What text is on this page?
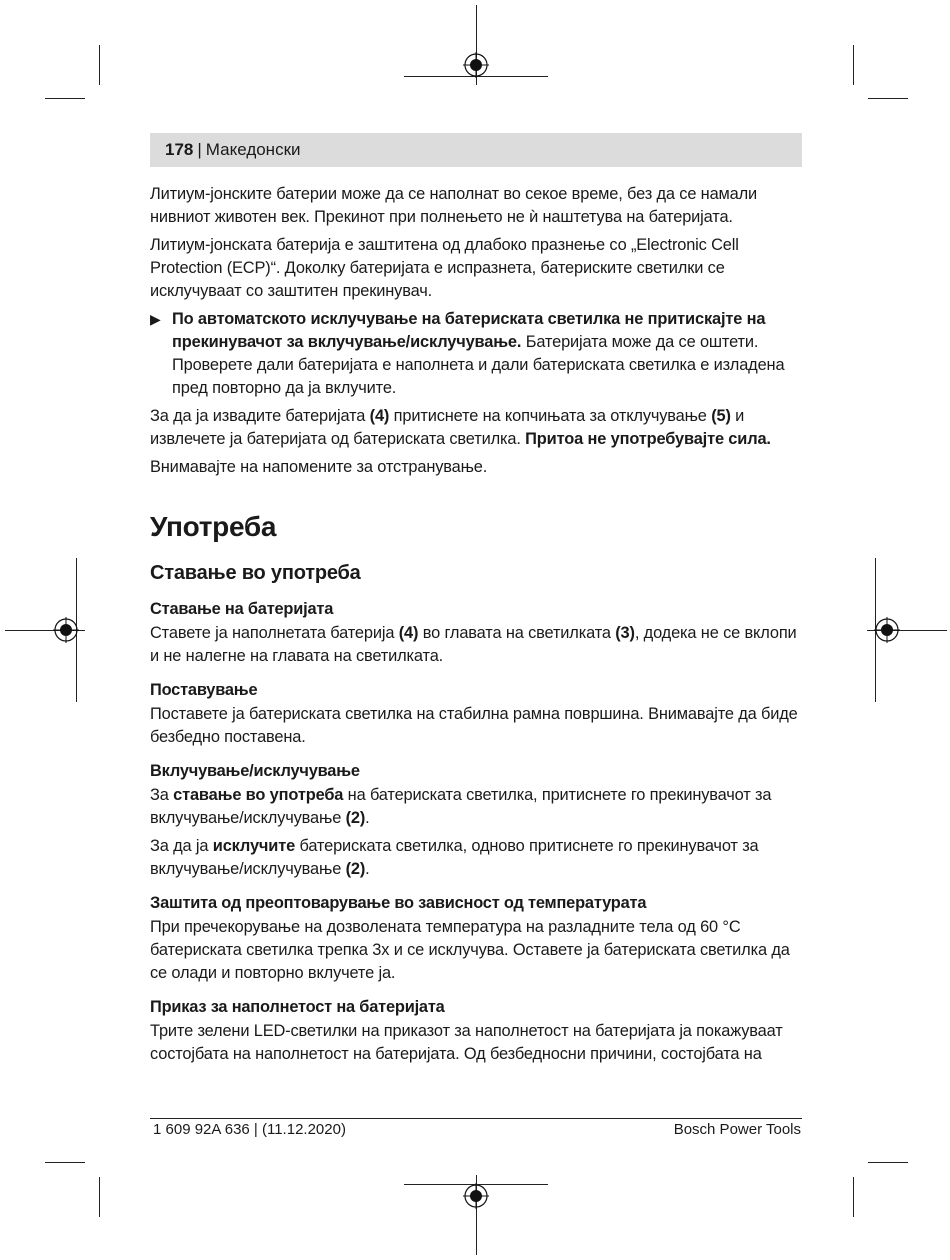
178 | Македонски

Литиум-јонските батерии може да се наполнат во секое време, без да се намали нивниот животен век. Прекинот при полнењето не ѝ наштетува на батеријата.

Литиум-јонската батерија е заштитена од длабоко празнење со „Electronic Cell Protection (ECP)“. Доколку батеријата е испразнета, батериските светилки се исклучуваат со заштитен прекинувач.

▶ По автоматското исклучување на батериската светилка не притискајте на прекинувачот за вклучување/исклучување. Батеријата може да се оштети. Проверете дали батеријата е наполнета и дали батериската светилка е изладена пред повторно да ја вклучите.

За да ја извадите батеријата (4) притиснете на копчињата за отклучување (5) и извлечете ја батеријата од батериската светилка. Притоа не употребувајте сила.

Внимавајте на напомените за отстранување.

Употреба
Ставање во употреба
Ставање на батеријата

Ставете ја наполнетата батерија (4) во главата на светилката (3), додека не се вклопи и не налегне на главата на светилката.

Поставување

Поставете ја батериската светилка на стабилна рамна површина. Внимавајте да биде безбедно поставена.

Вклучување/исклучување

За ставање во употреба на батериската светилка, притиснете го прекинувачот за вклучување/исклучување (2).

За да ја исклучите батериската светилка, одново притиснете го прекинувачот за вклучување/исклучување (2).

Заштита од преоптоварување во зависност од температурата

При пречекорување на дозволената температура на разладните тела од 60 °C батериската светилка трепка 3x и се исклучува. Оставете ја батериската светилка да се олади и повторно вклучете ја.

Приказ за наполнетост на батеријата

Трите зелени LED-светилки на приказот за наполнетост на батеријата ја покажуваат состојбата на наполнетост на батеријата. Од безбедносни причини, состојбата на

1 609 92A 636 | (11.12.2020)	Bosch Power Tools
